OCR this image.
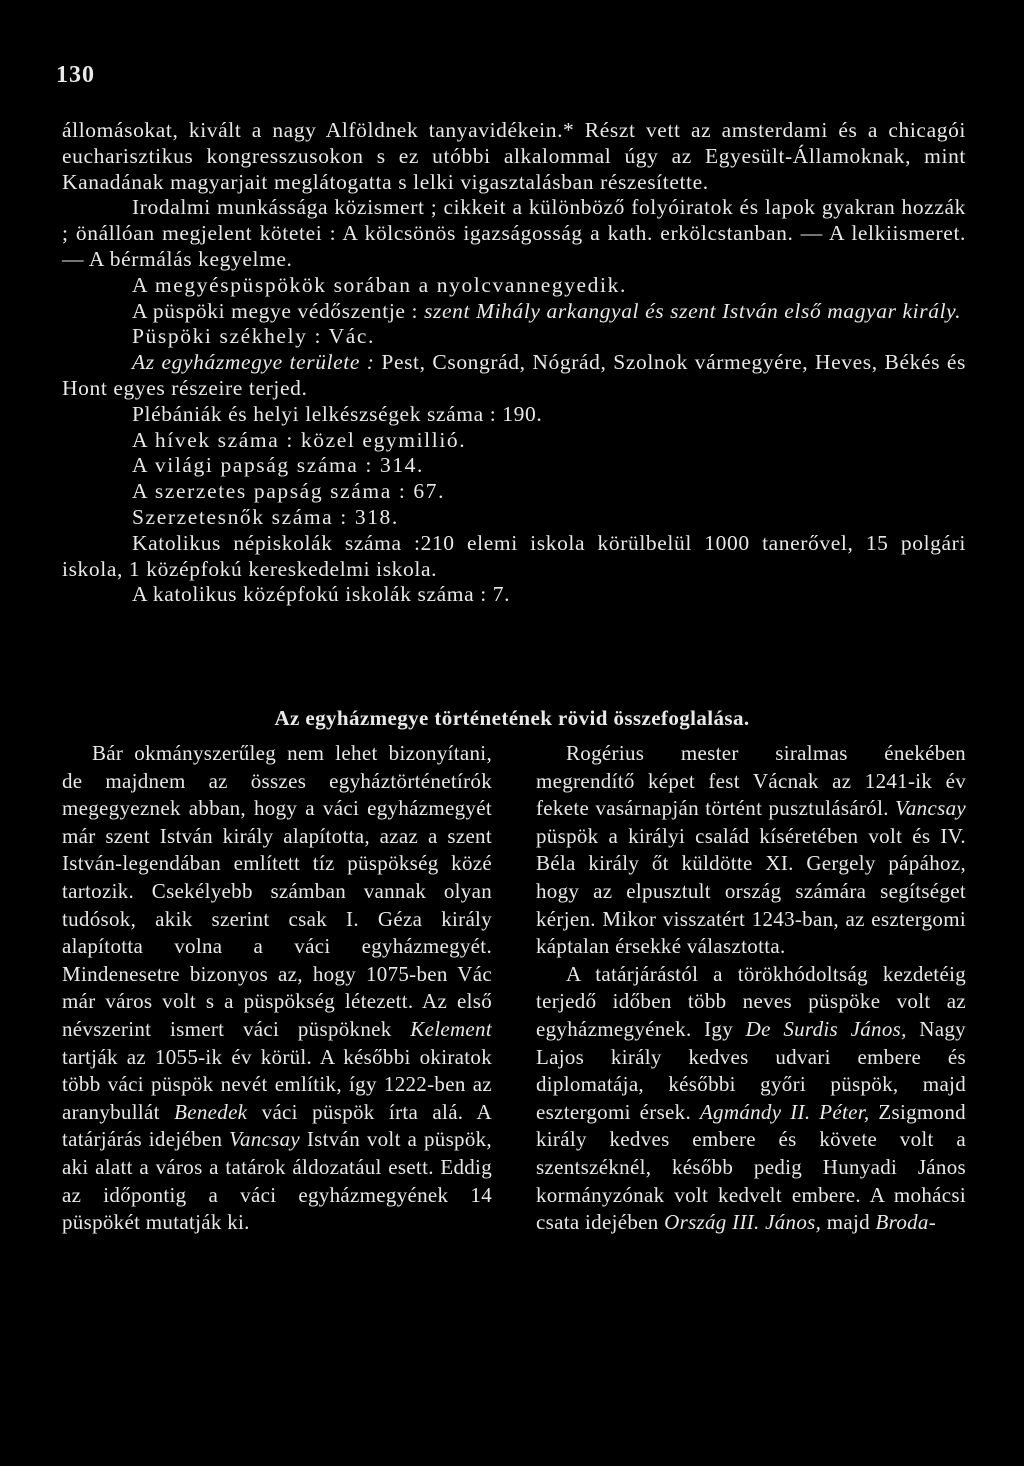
130

állomásokat, kivált a nagy Alföldnek tanyavidékein.* Részt vett az amsterdami és a chicagói eucharisztikus kongresszusokon s ez utóbbi alkalommal úgy az Egyesült-Államoknak, mint Kanadának magyarjait meglátogatta s lelki vigasztalásban részesítette.

Irodalmi munkássága közismert ; cikkeit a különböző folyóiratok és lapok gyakran hozzák ; önállóan megjelent kötetei : A kölcsönös igazságosság a kath. erkölcstanban. — A lelkiismeret. — A bérmálás kegyelme.

A megyéspüspökök sorában a nyolcvannegyedik.

A püspöki megye védőszentje : szent Mihály arkangyal és szent István első magyar király.

Püspöki székhely : Vác.

Az egyházmegye területe : Pest, Csongrád, Nógrád, Szolnok vármegyére, Heves, Békés és Hont egyes részeire terjed.

Plébániák és helyi lelkészségek száma : 190.

A hívek száma : közel egymillió.

A világi papság száma : 314.

A szerzetes papság száma : 67.

Szerzetesnők száma : 318.

Katolikus népiskolák száma :210 elemi iskola körülbelül 1000 tanerővel, 15 polgári iskola, 1 középfokú kereskedelmi iskola.

A katolikus középfokú iskolák száma : 7.

Az egyházmegye történetének rövid összefoglalása.

Bár okmányszerűleg nem lehet bizonyítani, de majdnem az összes egyháztörténetírók megegyeznek abban, hogy a váci egyházmegyét már szent István király alapította, azaz a szent István-legendában említett tíz püspökség közé tartozik. Csekélyebb számban vannak olyan tudósok, akik szerint csak I. Géza király alapította volna a váci egyházmegyét. Mindenesetre bizonyos az, hogy 1075-ben Vác már város volt s a püspökség létezett. Az első névszerint ismert váci püspöknek Kelement tartják az 1055-ik év körül. A későbbi okiratok több váci püspök nevét említik, így 1222-ben az aranybullát Benedek váci püspök írta alá. A tatárjárás idejében Vancsay István volt a püspök, aki alatt a város a tatárok áldozatául esett. Eddig az időpontig a váci egyházmegyének 14 püspökét mutatják ki.

Rogérius mester siralmas énekében megrendítő képet fest Vácnak az 1241-ik év fekete vasárnapján történt pusztulásáról. Vancsay püspök a királyi család kíséretében volt és IV. Béla király őt küldötte XI. Gergely pápához, hogy az elpusztult ország számára segítséget kérjen. Mikor visszatért 1243-ban, az esztergomi káptalan érsekké választotta.

A tatárjárástól a törökhódoltság kezdetéig terjedő időben több neves püspöke volt az egyházmegyének. Igy De Surdis János, Nagy Lajos király kedves udvari embere és diplomatája, későbbi győri püspök, majd esztergomi érsek. Agmándy II. Péter, Zsigmond király kedves embere és követe volt a szentszéknél, később pedig Hunyadi János kormányzónak volt kedvelt embere. A mohácsi csata idejében Ország III. János, majd Broda-
